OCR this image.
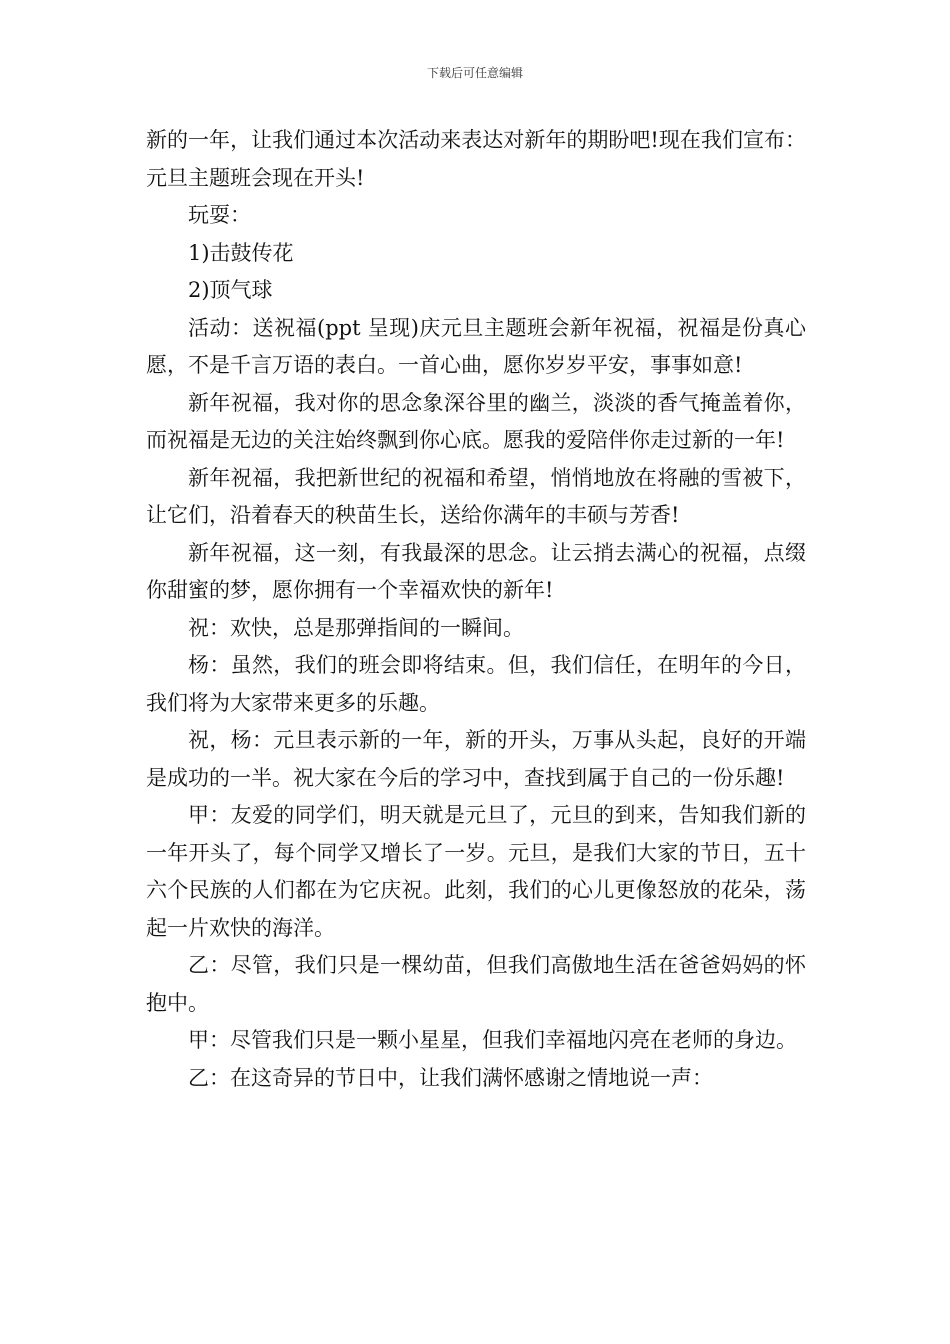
下载后可任意编辑

新的一年，让我们通过本次活动来表达对新年的期盼吧!现在我们宣布：元旦主题班会现在开头!

玩耍：

1)击鼓传花

2)顶气球

活动：送祝福(ppt 呈现)庆元旦主题班会新年祝福，祝福是份真心愿，不是千言万语的表白。一首心曲，愿你岁岁平安，事事如意!

新年祝福，我对你的思念象深谷里的幽兰，淡淡的香气掩盖着你，而祝福是无边的关注始终飘到你心底。愿我的爱陪伴你走过新的一年!

新年祝福，我把新世纪的祝福和希望，悄悄地放在将融的雪被下，让它们，沿着春天的秧苗生长，送给你满年的丰硕与芳香!

新年祝福，这一刻，有我最深的思念。让云捎去满心的祝福，点缀你甜蜜的梦，愿你拥有一个幸福欢快的新年!

祝：欢快，总是那弹指间的一瞬间。

杨：虽然，我们的班会即将结束。但，我们信任，在明年的今日，我们将为大家带来更多的乐趣。

祝，杨：元旦表示新的一年，新的开头，万事从头起，良好的开端是成功的一半。祝大家在今后的学习中，查找到属于自己的一份乐趣!

甲：友爱的同学们，明天就是元旦了，元旦的到来，告知我们新的一年开头了，每个同学又增长了一岁。元旦，是我们大家的节日，五十六个民族的人们都在为它庆祝。此刻，我们的心儿更像怒放的花朵，荡起一片欢快的海洋。

乙：尽管，我们只是一棵幼苗，但我们高傲地生活在爸爸妈妈的怀抱中。

甲：尽管我们只是一颗小星星，但我们幸福地闪亮在老师的身边。

乙：在这奇异的节日中，让我们满怀感谢之情地说一声：
